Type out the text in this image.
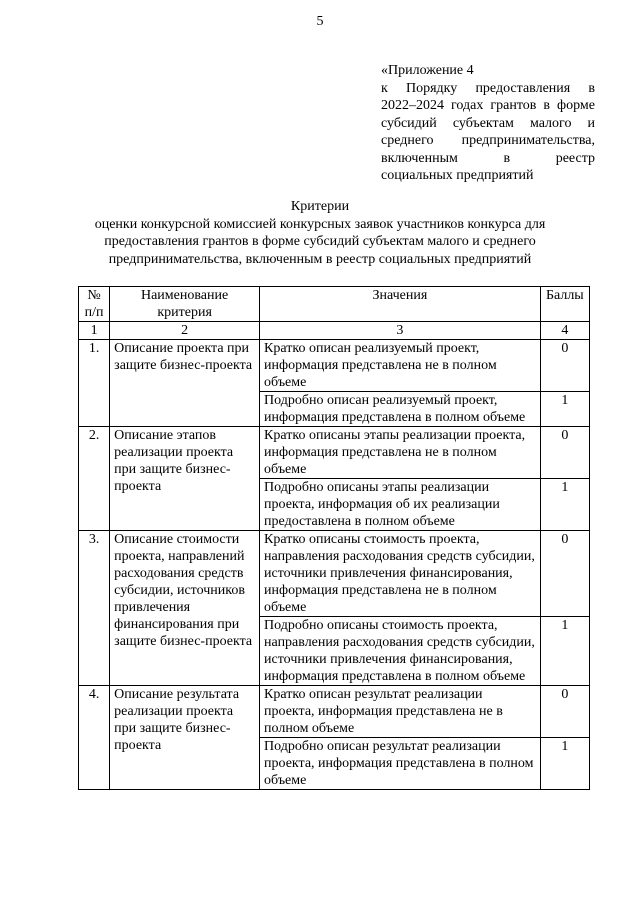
5
«Приложение 4
к Порядку предоставления в
2022–2024 годах грантов в форме
субсидий субъектам малого и
среднего предпринимательства,
включенным в реестр
социальных предприятий
Критерии
оценки конкурсной комиссией конкурсных заявок участников конкурса для
предоставления грантов в форме субсидий субъектам малого и среднего
предпринимательства, включенным в реестр социальных предприятий
№ п/п	Наименование критерия	Значения	Баллы
1	2	3	4
1.	Описание проекта при защите бизнес-проекта	Кратко описан реализуемый проект, информация представлена не в полном объеме	0
		Подробно описан реализуемый проект, информация представлена в полном объеме	1
2.	Описание этапов реализации проекта при защите бизнес-проекта	Кратко описаны этапы реализации проекта, информация представлена не в полном объеме	0
		Подробно описаны этапы реализации проекта, информация об их реализации предоставлена в полном объеме	1
3.	Описание стоимости проекта, направлений расходования средств субсидии, источников привлечения финансирования при защите бизнес-проекта	Кратко описаны стоимость проекта, направления расходования средств субсидии, источники привлечения финансирования, информация представлена не в полном объеме	0
		Подробно описаны стоимость проекта, направления расходования средств субсидии, источники привлечения финансирования, информация представлена в полном объеме	1
4.	Описание результата реализации проекта при защите бизнес-проекта	Кратко описан результат реализации проекта, информация представлена не в полном объеме	0
		Подробно описан результат реализации проекта, информация представлена в полном объеме	1
